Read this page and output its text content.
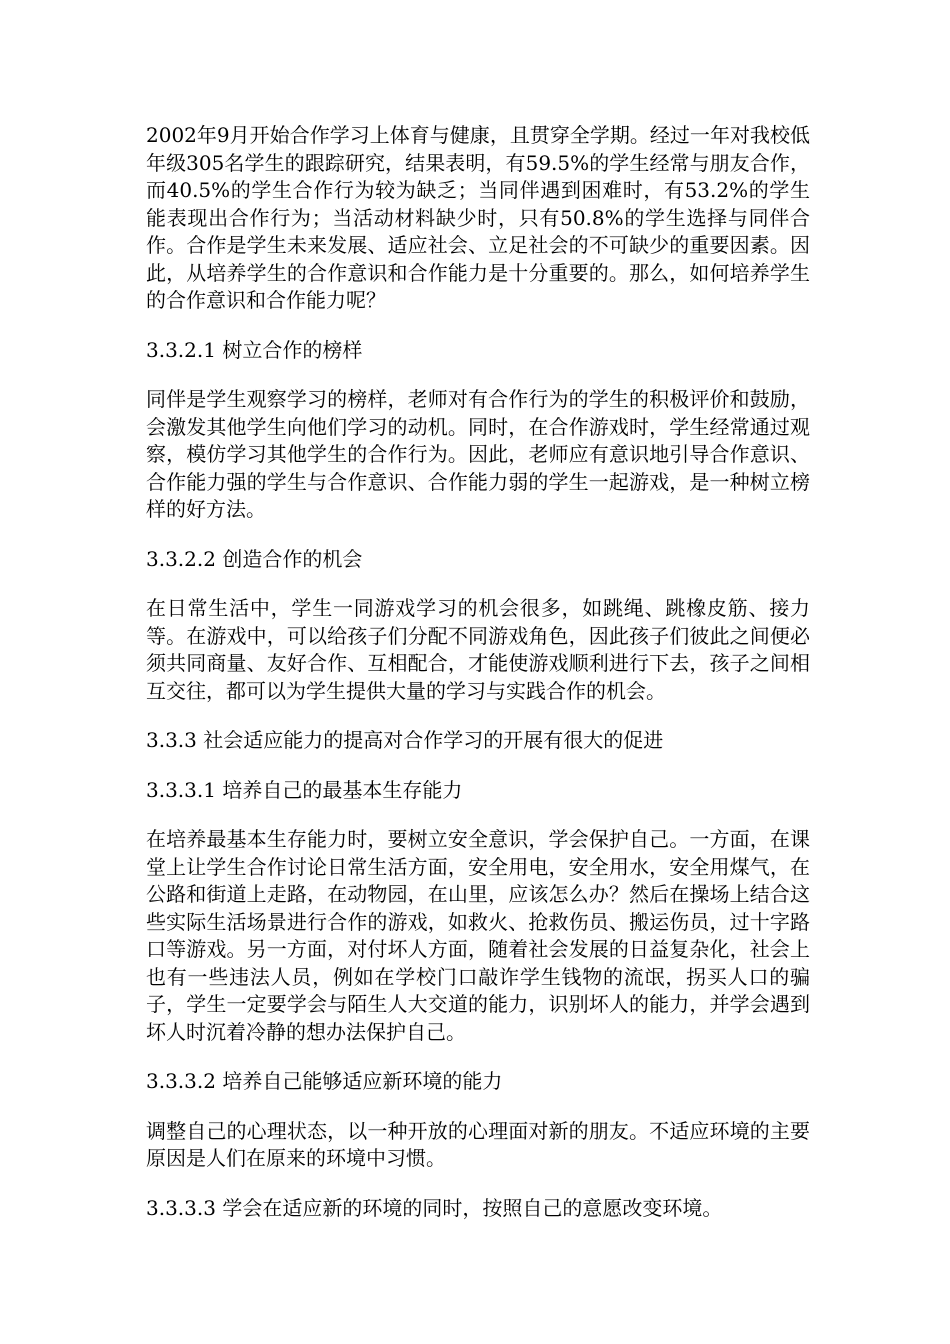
2002年9月开始合作学习上体育与健康，且贯穿全学期。经过一年对我校低年级305名学生的跟踪研究，结果表明，有59.5%的学生经常与朋友合作，而40.5%的学生合作行为较为缺乏；当同伴遇到困难时，有53.2%的学生能表现出合作行为；当活动材料缺少时，只有50.8%的学生选择与同伴合作。合作是学生未来发展、适应社会、立足社会的不可缺少的重要因素。因此，从培养学生的合作意识和合作能力是十分重要的。那么，如何培养学生的合作意识和合作能力呢？

3.3.2.1 树立合作的榜样

同伴是学生观察学习的榜样，老师对有合作行为的学生的积极评价和鼓励，会激发其他学生向他们学习的动机。同时，在合作游戏时，学生经常通过观察，模仿学习其他学生的合作行为。因此，老师应有意识地引导合作意识、合作能力强的学生与合作意识、合作能力弱的学生一起游戏，是一种树立榜样的好方法。

3.3.2.2 创造合作的机会

在日常生活中，学生一同游戏学习的机会很多，如跳绳、跳橡皮筋、接力等。在游戏中，可以给孩子们分配不同游戏角色，因此孩子们彼此之间便必须共同商量、友好合作、互相配合，才能使游戏顺利进行下去，孩子之间相互交往，都可以为学生提供大量的学习与实践合作的机会。

3.3.3 社会适应能力的提高对合作学习的开展有很大的促进

3.3.3.1 培养自己的最基本生存能力

在培养最基本生存能力时，要树立安全意识，学会保护自己。一方面，在课堂上让学生合作讨论日常生活方面，安全用电，安全用水，安全用煤气，在公路和街道上走路，在动物园，在山里，应该怎么办？然后在操场上结合这些实际生活场景进行合作的游戏，如救火、抢救伤员、搬运伤员，过十字路口等游戏。另一方面，对付坏人方面，随着社会发展的日益复杂化，社会上也有一些违法人员，例如在学校门口敲诈学生钱物的流氓，拐买人口的骗子，学生一定要学会与陌生人大交道的能力，识别坏人的能力，并学会遇到坏人时沉着冷静的想办法保护自己。

3.3.3.2 培养自己能够适应新环境的能力

调整自己的心理状态，以一种开放的心理面对新的朋友。不适应环境的主要原因是人们在原来的环境中习惯。

3.3.3.3 学会在适应新的环境的同时，按照自己的意愿改变环境。
